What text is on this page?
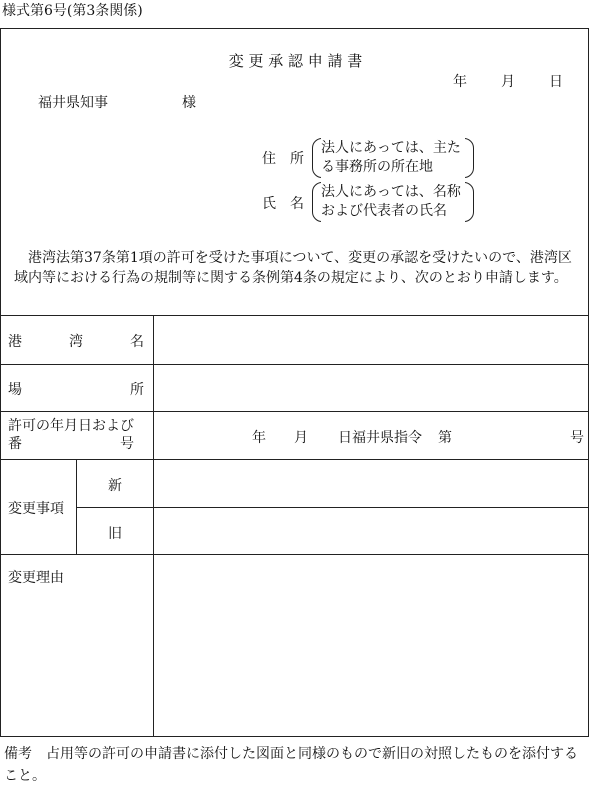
様式第6号(第3条関係)
変 更 承 認 申 請 書
年 月 日
福井県知事	様
住　所
法人にあっては、主た
る事務所の所在地
氏　名
法人にあっては、名称
および代表者の氏名
港湾法第37条第1項の許可を受けた事項について、変更の承認を受けたいので、港湾区域内等における行為の規制等に関する条例第4条の規定により、次のとおり申請します。
港	湾	名
場	所
許可の年月日および
番　　　　　　　号	年 月 日福井県指令 第	号
変更事項
新
旧
変更理由
備考　占用等の許可の申請書に添付した図面と同様のもので新旧の対照したものを添付すること。
